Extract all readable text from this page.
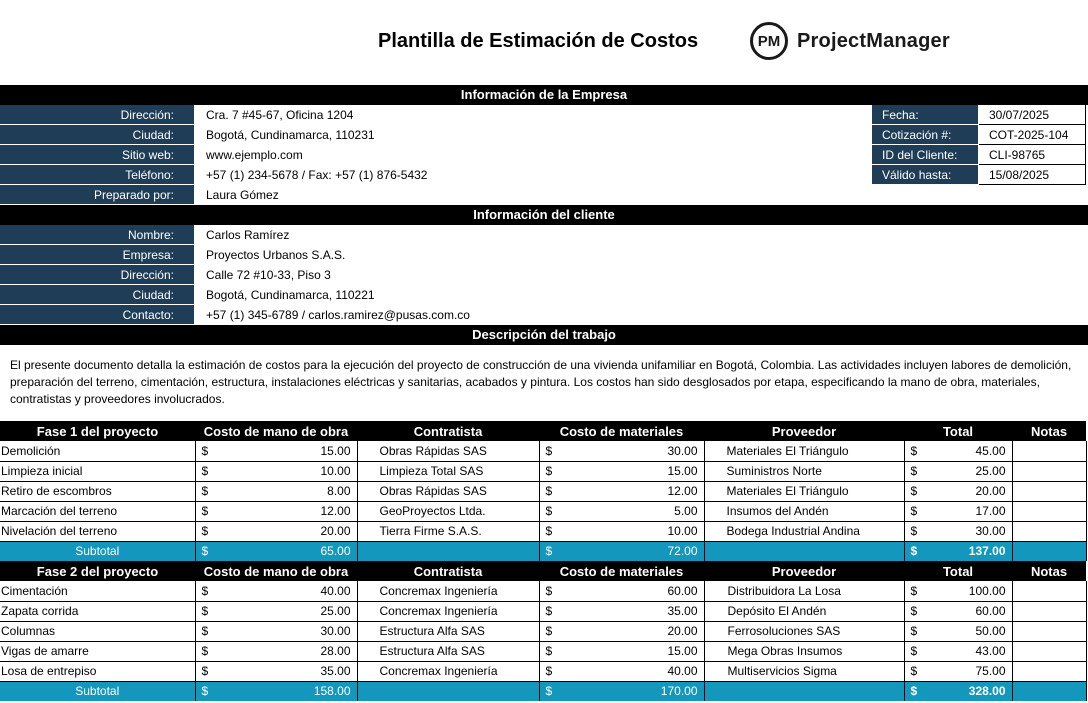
Plantilla de Estimación de Costos	PM ProjectManager
Información de la Empresa
Dirección:	Cra. 7 #45-67, Oficina 1204
Ciudad:	Bogotá, Cundinamarca, 110231
Sitio web:	www.ejemplo.com
Teléfono:	+57 (1) 234-5678 / Fax: +57 (1) 876-5432
Preparado por:	Laura Gómez
Fecha:	30/07/2025
Cotización #:	COT-2025-104
ID del Cliente:	CLI-98765
Válido hasta:	15/08/2025
Información del cliente
Nombre:	Carlos Ramírez
Empresa:	Proyectos Urbanos S.A.S.
Dirección:	Calle 72 #10-33, Piso 3
Ciudad:	Bogotá, Cundinamarca, 110221
Contacto:	+57 (1) 345-6789 / carlos.ramirez@pusas.com.co
Descripción del trabajo
El presente documento detalla la estimación de costos para la ejecución del proyecto de construcción de una vivienda unifamiliar en Bogotá, Colombia. Las actividades incluyen labores de demolición, preparación del terreno, cimentación, estructura, instalaciones eléctricas y sanitarias, acabados y pintura. Los costos han sido desglosados por etapa, especificando la mano de obra, materiales, contratistas y proveedores involucrados.
Fase 1 del proyecto	Costo de mano de obra	Contratista	Costo de materiales	Proveedor	Total	Notas
Demolición	$ 15.00	Obras Rápidas SAS	$ 30.00	Materiales El Triángulo	$ 45.00	

Limpieza inicial	$ 10.00	Limpieza Total SAS	$ 15.00	Suministros Norte	$ 25.00	

Retiro de escombros	$ 8.00	Obras Rápidas SAS	$ 12.00	Materiales El Triángulo	$ 20.00	

Marcación del terreno	$ 12.00	GeoProyectos Ltda.	$ 5.00	Insumos del Andén	$ 17.00	

Nivelación del terreno	$ 20.00	Tierra Firme S.A.S.	$ 10.00	Bodega Industrial Andina	$ 30.00	

Subtotal	$ 65.00		$ 72.00		$ 137.00	

Fase 2 del proyecto	Costo de mano de obra	Contratista	Costo de materiales	Proveedor	Total	Notas
Cimentación	$ 40.00	Concremax Ingeniería	$ 60.00	Distribuidora La Losa	$ 100.00	

Zapata corrida	$ 25.00	Concremax Ingeniería	$ 35.00	Depósito El Andén	$ 60.00	

Columnas	$ 30.00	Estructura Alfa SAS	$ 20.00	Ferrosoluciones SAS	$ 50.00	

Vigas de amarre	$ 28.00	Estructura Alfa SAS	$ 15.00	Mega Obras Insumos	$ 43.00	

Losa de entrepiso	$ 35.00	Concremax Ingeniería	$ 40.00	Multiservicios Sigma	$ 75.00	

Subtotal	$ 158.00		$ 170.00		$ 328.00	
